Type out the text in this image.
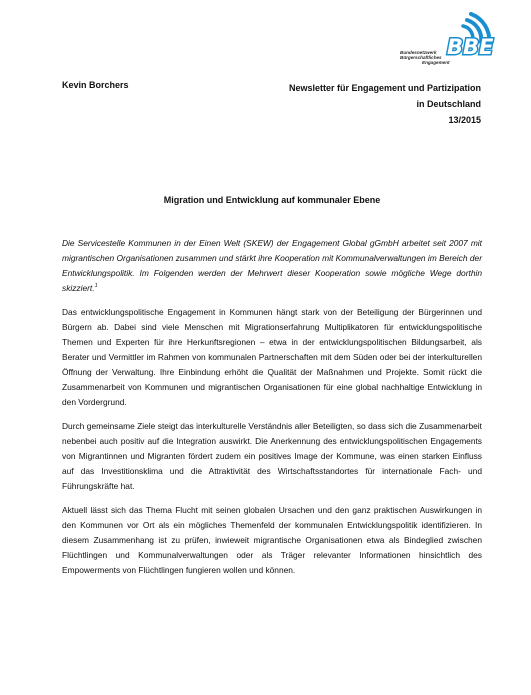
BBE
Bundesnetzwerk
Bürgerschaftliches
Engagement
Kevin Borchers	Newsletter für Engagement und Partizipation
in Deutschland
13/2015
Migration und Entwicklung auf kommunaler Ebene

Die Servicestelle Kommunen in der Einen Welt (SKEW) der Engagement Global gGmbH arbeitet seit 2007 mit migrantischen Organisationen zusammen und stärkt ihre Kooperation mit Kommunalverwaltungen im Bereich der Entwicklungspolitik. Im Folgenden werden der Mehrwert dieser Kooperation sowie mögliche Wege dorthin skizziert.$^1$

Das entwicklungspolitische Engagement in Kommunen hängt stark von der Beteiligung der Bürgerinnen und Bürgern ab. Dabei sind viele Menschen mit Migrationserfahrung Multiplikatoren für entwicklungspolitische Themen und Experten für ihre Herkunftsregionen – etwa in der entwicklungspolitischen Bildungsarbeit, als Berater und Vermittler im Rahmen von kommunalen Partnerschaften mit dem Süden oder bei der interkulturellen Öffnung der Verwaltung. Ihre Einbindung erhöht die Qualität der Maßnahmen und Projekte. Somit rückt die Zusammenarbeit von Kommunen und migrantischen Organisationen für eine global nachhaltige Entwicklung in den Vordergrund.

Durch gemeinsame Ziele steigt das interkulturelle Verständnis aller Beteiligten, so dass sich die Zusammenarbeit nebenbei auch positiv auf die Integration auswirkt. Die Anerkennung des entwicklungspolitischen Engagements von Migrantinnen und Migranten fördert zudem ein positives Image der Kommune, was einen starken Einfluss auf das Investitionsklima und die Attraktivität des Wirtschaftsstandortes für internationale Fach- und Führungskräfte hat.

Aktuell lässt sich das Thema Flucht mit seinen globalen Ursachen und den ganz praktischen Auswirkungen in den Kommunen vor Ort als ein mögliches Themenfeld der kommunalen Entwicklungspolitik identifizieren. In diesem Zusammenhang ist zu prüfen, inwieweit migrantische Organisationen etwa als Bindeglied zwischen Flüchtlingen und Kommunalverwaltungen oder als Träger relevanter Informationen hinsichtlich des Empowerments von Flüchtlingen fungieren wollen und können.
